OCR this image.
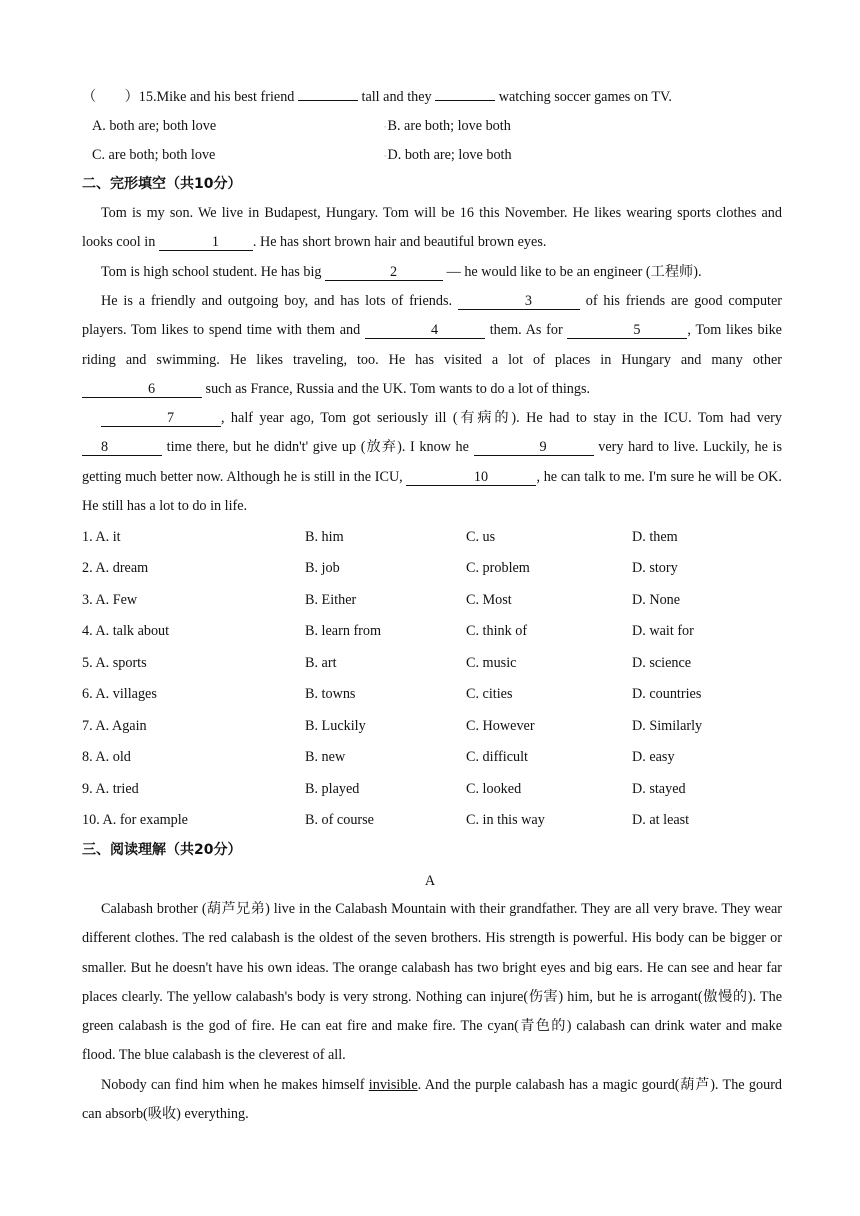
（　　）15.Mike and his best friend	tall and they	watching soccer games on TV.
A. both are; both love	◦B. are both; love both
C. are both; both love	◦D. both are; love both
二、完形填空（共10分）
Tom is my son. We live in Budapest, Hungary. Tom will be 16 this November. He likes wearing sports clothes and looks cool in	1 . He has short brown hair and beautiful brown eyes.
Tom is high school student. He has big	2	— he would like to be an engineer (工程师).
He is a friendly and outgoing boy, and has lots of friends.	3	of his friends are good computer players. Tom likes to spend time with them and	4	them. As for	5	, Tom likes bike riding and swimming. He likes traveling, too. He has visited a lot of places in Hungary and many other 6	such as France, Russia and the UK. Tom wants to do a lot of things.
7	, half year ago, Tom got seriously ill (有病的). He had to stay in the ICU. Tom had very 8	time there, but he didn't' give up (放弃). I know he	9	very hard to live. Luckily, he is getting much better now. Although he is still in the ICU,	10	, he can talk to me. I'm sure he will be OK. He still has a lot to do in life.
1. A. it	B. him	C. us	D. them
2. A. dream	B. job	C. problem	D. story
3. A. Few	B. Either	C. Most	D. None
4. A. talk about	B. learn from	C. think of	D. wait for
5. A. sports	B. art	C. music	D. science
6. A. villages	B. towns	C. cities	D. countries
7. A. Again	B. Luckily	C. However	D. Similarly
8. A. old	B. new	C. difficult	D. easy
9. A. tried	B. played	C. looked	D. stayed
10. A. for example	B. of course	C. in this way	D. at least
三、阅读理解（共20分）
A
Calabash brother (葫芦兄弟) live in the Calabash Mountain with their grandfather. They are all very brave. They wear different clothes. The red calabash is the oldest of the seven brothers. His strength is powerful. His body can be bigger or smaller. But he doesn't have his own ideas. The orange calabash has two bright eyes and big ears. He can see and hear far places clearly. The yellow calabash's body is very strong. Nothing can injure(伤害) him, but he is arrogant(傲慢的). The green calabash is the god of fire. He can eat fire and make fire. The cyan(青色的) calabash can drink water and make flood. The blue calabash is the cleverest of all.
Nobody can find him when he makes himself invisible. And the purple calabash has a magic gourd(葫芦). The gourd can absorb(吸收) everything.
